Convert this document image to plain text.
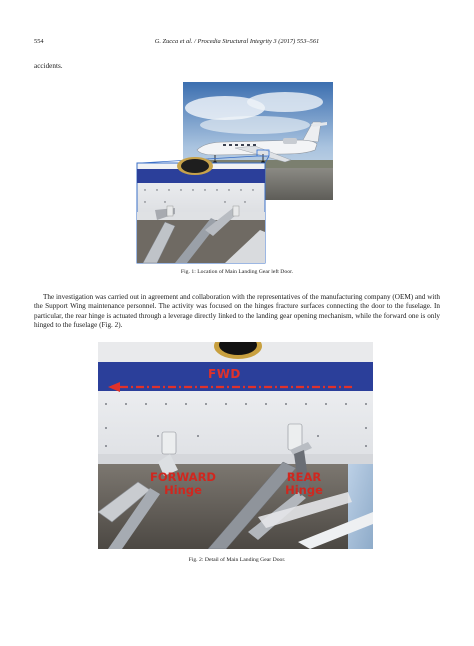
554	G. Zucca et al. / Procedia Structural Integrity 3 (2017) 553–561
accidents.
Fig. 1: Location of Main Landing Gear left Door.
The investigation was carried out in agreement and collaboration with the representatives of the manufacturing company (OEM) and with the Support Wing maintenance personnel. The activity was focused on the hinges fracture surfaces connecting the door to the fuselage. In particular, the rear hinge is actuated through a leverage directly linked to the landing gear opening mechanism, while the forward one is only hinged to the fuselage (Fig. 2).
FWD
FORWARD Hinge
REAR Hinge
Fig. 2: Detail of Main Landing Gear Door.
